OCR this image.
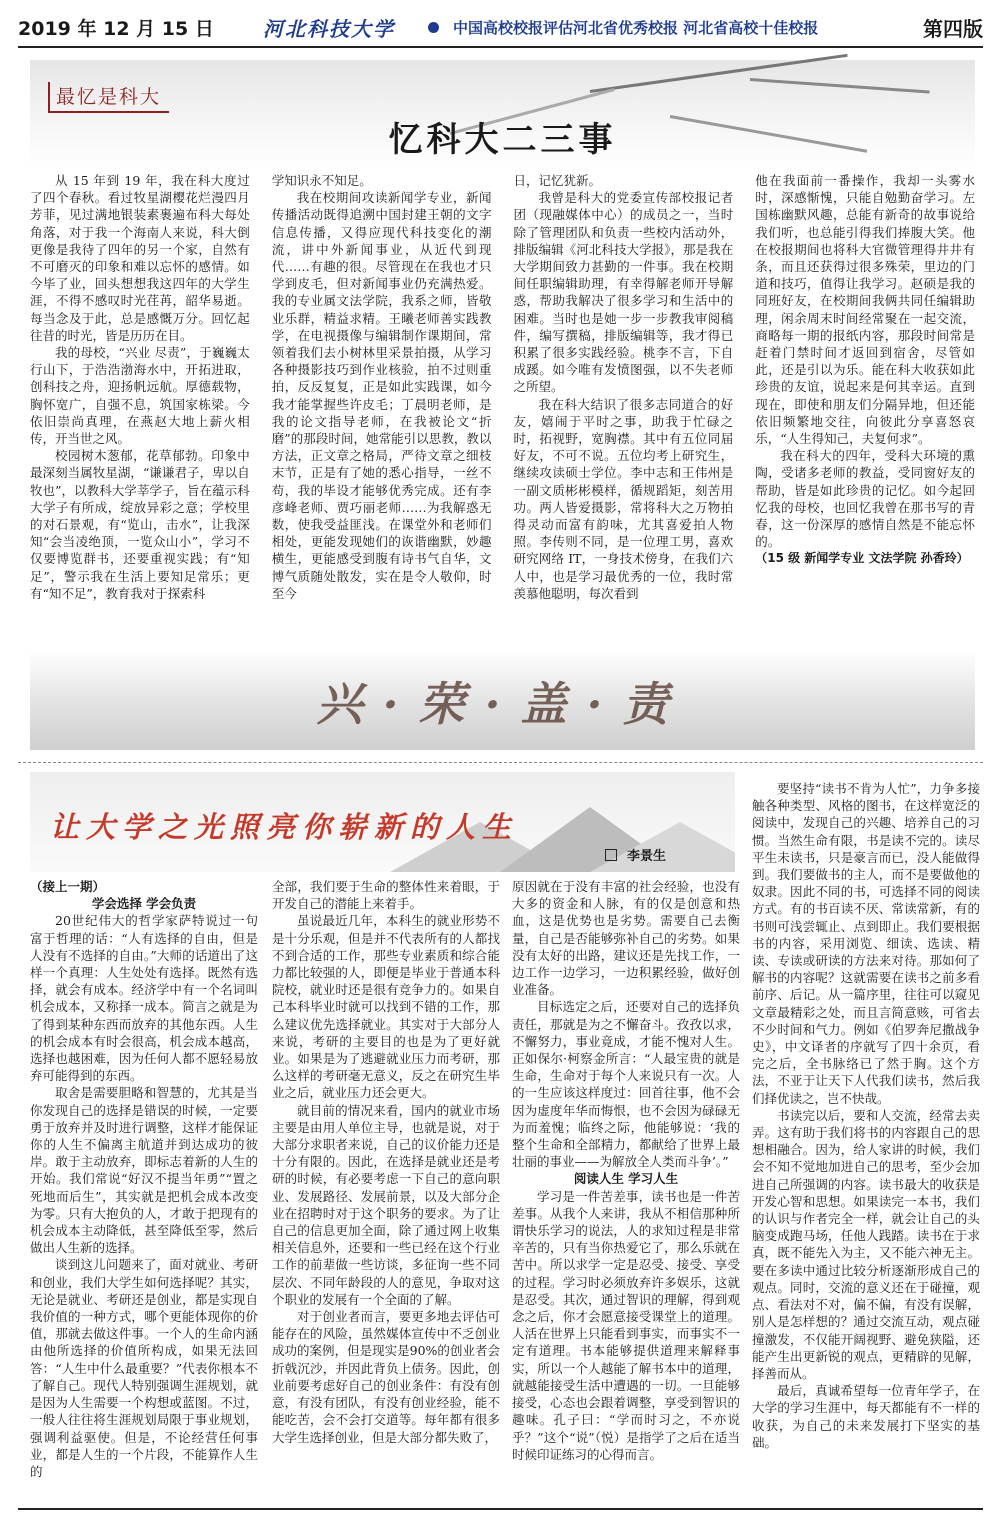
2019 年 12 月 15 日	河北科技大学	中国高校校报评估河北省优秀校报 河北省高校十佳校报	第四版
最忆是科大
忆科大二三事
兴·荣·盖·责

从 15 年到 19 年，我在科大度过了四个春秋。看过牧星湖樱花烂漫四月芳菲，见过满地银装素裹遍布科大每处角落，对于我一个海南人来说，科大倒更像是我待了四年的另一个家，自然有不可磨灭的印象和难以忘怀的感情。如今毕了业，回头想想我这四年的大学生涯，不得不感叹时光荏苒，韶华易逝。每当念及于此，总是感慨万分。回忆起往昔的时光，皆是历历在目。

我的母校，“兴业 尽责”，于巍巍太行山下，于浩浩渤海水中，开拓进取，创科技之舟，迎扬帆远航。厚德载物，胸怀宽广，自强不息，筑国家栋梁。今依旧崇尚真理，在燕赵大地上薪火相传，开当世之风。

校园树木葱郁，花草郁勃。印象中最深刻当属牧星湖，“谦谦君子，卑以自牧也”，以教科大学莘学子，旨在蕴示科大学子有所成，绽放异彩之意；学校里的对石景观，有“览山，击水”，让我深知“会当凌绝顶，一览众山小”，学习不仅要博览群书，还要重视实践；有“知足”，警示我在生活上要知足常乐；更有“知不足”，教育我对于探索科

学知识永不知足。

我在校期间攻读新闻学专业，新闻传播活动既得追溯中国封建王朝的文字信息传播，又得应现代科技变化的潮流，讲中外新闻事业，从近代到现代……有趣的很。尽管现在在我也才只学到皮毛，但对新闻事业仍充满热爱。我的专业属文法学院，我系之师，皆敬业乐群，精益求精。王曦老师善实践教学，在电视摄像与编辑制作课期间，常领着我们去小树林里采景拍摄，从学习各种摄影技巧到作业核验，拍不过则重拍，反反复复，正是如此实践课，如今我才能掌握些许皮毛；丁晨明老师，是我的论文指导老师，在我被论文“折磨”的那段时间，她常能引以思教，教以方法，正文章之格局，严待文章之细枝末节，正是有了她的悉心指导，一丝不苟，我的毕设才能够优秀完成。还有李彦峰老师、贾巧丽老师……为我解惑无数，使我受益匪浅。在课堂外和老师们相处，更能发现她们的诙谐幽默，妙趣横生，更能感受到腹有诗书气自华，文博气质随处散发，实在是令人敬仰，时至今

日，记忆犹新。

我曾是科大的党委宣传部校报记者团（现融媒体中心）的成员之一，当时除了管理团队和负责一些校内活动外，排版编辑《河北科技大学报》，那是我在大学期间致力甚勤的一件事。我在校期间任职编辑助理，有幸得解老师开导解惑，帮助我解决了很多学习和生活中的困难。当时也是她一步一步教我审阅稿件，编写撰稿，排版编辑等，我才得已积累了很多实践经验。桃李不言，下自成蹊。如今唯有发愤图强，以不失老师之所望。

我在科大结识了很多志同道合的好友，嬉闹于平时之事，助我于忙碌之时，拓视野，宽胸襟。其中有五位同届好友，不可不说。五位均考上研究生，继续攻读硕士学位。李中志和王伟州是一副文质彬彬模样，循规蹈矩，刻苦用功。两人皆爱摄影，常将科大之万物拍得灵动而富有韵味，尤其喜爱拍人物照。李传则不同，是一位理工男，喜欢研究网络 IT，一身技术傍身，在我们六人中，也是学习最优秀的一位，我时常羡慕他聪明，每次看到

他在我面前一番操作，我却一头雾水时，深感惭愧，只能自勉勤奋学习。左国栋幽默风趣，总能有新奇的故事说给我们听，也总能引得我们捧腹大笑。他在校报期间也将科大官微管理得井井有条，而且还获得过很多殊荣，里边的门道和技巧，值得让我学习。赵硕是我的同班好友，在校期间我俩共同任编辑助理，闲余周末时间经常聚在一起交流，商略每一期的报纸内容，那段时间常是赶着门禁时间才返回到宿舍，尽管如此，还是引以为乐。能在科大收获如此珍贵的友谊，说起来是何其幸运。直到现在，即使和朋友们分隔异地，但还能依旧频繁地交往，向彼此分享喜怒哀乐，“人生得知己，夫复何求”。

我在科大的四年，受科大环境的熏陶，受诸多老师的教益，受同窗好友的帮助，皆是如此珍贵的记忆。如今起回忆我的母校，也回忆我曾在那书写的青春，这一份深厚的感情自然是不能忘怀的。

（15 级 新闻学专业 文法学院 孙香玲）

让大学之光照亮你崭新的人生
李景生

（接上一期）

学会选择 学会负责

20世纪伟大的哲学家萨特说过一句富于哲理的话：“人有选择的自由，但是人没有不选择的自由。”大师的话道出了这样一个真理：人生处处有选择。既然有选择，就会有成本。经济学中有一个名词叫机会成本，又称择一成本。简言之就是为了得到某种东西而放弃的其他东西。人生的机会成本有时会很高，机会成本越高，选择也越困难，因为任何人都不愿轻易放弃可能得到的东西。

取舍是需要胆略和智慧的，尤其是当你发现自己的选择是错误的时候，一定要勇于放弃并及时进行调整，这样才能保证你的人生不偏离主航道并到达成功的彼岸。敢于主动放弃，即标志着新的人生的开始。我们常说“好汉不提当年勇”“置之死地而后生”，其实就是把机会成本改变为零。只有大抱负的人，才敢于把现有的机会成本主动降低，甚至降低至零，然后做出人生新的选择。

谈到这儿问题来了，面对就业、考研和创业，我们大学生如何选择呢？其实，无论是就业、考研还是创业，都是实现自我价值的一种方式，哪个更能体现你的价值，那就去做这件事。一个人的生命内涵由他所选择的价值所构成，如果无法回答：“人生中什么最重要？”代表你根本不了解自己。现代人特别强调生涯规划，就是因为人生需要一个构想或蓝图。不过，一般人往往将生涯规划局限于事业规划，强调利益驱使。但是，不论经营任何事业，都是人生的一个片段，不能算作人生的

全部，我们要于生命的整体性来着眼，于开发自己的潜能上来着手。

虽说最近几年，本科生的就业形势不是十分乐观，但是并不代表所有的人都找不到合适的工作，那些专业素质和综合能力都比较强的人，即便是毕业于普通本科院校，就业时还是很有竞争力的。如果自己本科毕业时就可以找到不错的工作，那么建议优先选择就业。其实对于大部分人来说，考研的主要目的也是为了更好就业。如果是为了逃避就业压力而考研，那么这样的考研毫无意义，反之在研究生毕业之后，就业压力还会更大。

就目前的情况来看，国内的就业市场主要是由用人单位主导，也就是说，对于大部分求职者来说，自己的议价能力还是十分有限的。因此，在选择是就业还是考研的时候，有必要考虑一下自己的意向职业、发展路径、发展前景，以及大部分企业在招聘时对于这个职务的要求。为了让自己的信息更加全面，除了通过网上收集相关信息外，还要和一些已经在这个行业工作的前辈做一些访谈，多征询一些不同层次、不同年龄段的人的意见，争取对这个职业的发展有一个全面的了解。

对于创业者而言，要更多地去评估可能存在的风险，虽然媒体宣传中不乏创业成功的案例，但是现实是90%的创业者会折戟沉沙，并因此背负上债务。因此，创业前要考虑好自己的创业条件：有没有创意，有没有团队，有没有创业经验，能不能吃苦，会不会打交道等。每年都有很多大学生选择创业，但是大部分都失败了，

原因就在于没有丰富的社会经验，也没有大多的资金和人脉，有的仅是创意和热血，这是优势也是劣势。需要自己去衡量，自己是否能够弥补自己的劣势。如果没有太好的出路，建议还是先找工作，一边工作一边学习，一边积累经验，做好创业准备。

目标选定之后，还要对自己的选择负责任，那就是为之不懈奋斗。孜孜以求，不懈努力，事业竟成，才能不愧对人生。正如保尔·柯察金所言：“人最宝贵的就是生命，生命对于每个人来说只有一次。人的一生应该这样度过：回首往事，他不会因为虚度年华而悔恨，也不会因为碌碌无为而羞愧；临终之际，他能够说：‘我的整个生命和全部精力，都献给了世界上最壮丽的事业——为解放全人类而斗争’。”

阅读人生 学习人生

学习是一件苦差事，读书也是一件苦差事。从我个人来讲，我从不相信那种所谓快乐学习的说法，人的求知过程是非常辛苦的，只有当你热爱它了，那么乐就在苦中。所以求学一定是忍受、接受、享受的过程。学习时必须放弃许多娱乐，这就是忍受。其次，通过智识的理解，得到观念之后，你才会愿意接受课堂上的道理。人活在世界上只能看到事实，而事实不一定有道理。书本能够提供道理来解释事实，所以一个人越能了解书本中的道理，就越能接受生活中遭遇的一切。一旦能够接受，心态也会跟着调整，享受到智识的趣味。孔子曰：“学而时习之，不亦说乎？”这个“说”（悦）是指学了之后在适当时候印证练习的心得而言。

要坚持“读书不肯为人忙”，力争多接触各种类型、风格的图书，在这样宽泛的阅读中，发现自己的兴趣、培养自己的习惯。当然生命有限，书是读不完的。读尽平生未读书，只是豪言而已，没人能做得到。我们要做书的主人，而不是要做他的奴隶。因此不同的书，可选择不同的阅读方式。有的书百读不厌、常读常新，有的书则可浅尝辄止、点到即止。我们要根据书的内容，采用浏览、细读、选读、精读、专读或研读的方法来对待。那如何了解书的内容呢？这就需要在读书之前多看前序、后记。从一篇序里，往往可以窥见文章最精彩之处，而且言简意赅，可省去不少时间和气力。例如《伯罗奔尼撒战争史》，中文译者的序就写了四十余页，看完之后，全书脉络已了然于胸。这个方法，不亚于让天下人代我们读书，然后我们择优读之，岂不快哉。

书读完以后，要和人交流，经常去卖弄。这有助于我们将书的内容跟自己的思想相融合。因为，给人家讲的时候，我们会不知不觉地加进自己的思考，至少会加进自己所强调的内容。读书最大的收获是开发心智和思想。如果读完一本书，我们的认识与作者完全一样，就会让自己的头脑变成跑马场，任他人践踏。读书在于求真，既不能先入为主，又不能六神无主。要在多读中通过比较分析逐渐形成自己的观点。同时，交流的意义还在于碰撞，观点、看法对不对，偏不偏，有没有误解，别人是怎样想的？通过交流互动，观点碰撞激发，不仅能开阔视野、避免狭隘，还能产生出更新锐的观点，更精辟的见解，择善而从。

最后，真诚希望每一位青年学子，在大学的学习生涯中，每天都能有不一样的收获，为自己的未来发展打下坚实的基础。
